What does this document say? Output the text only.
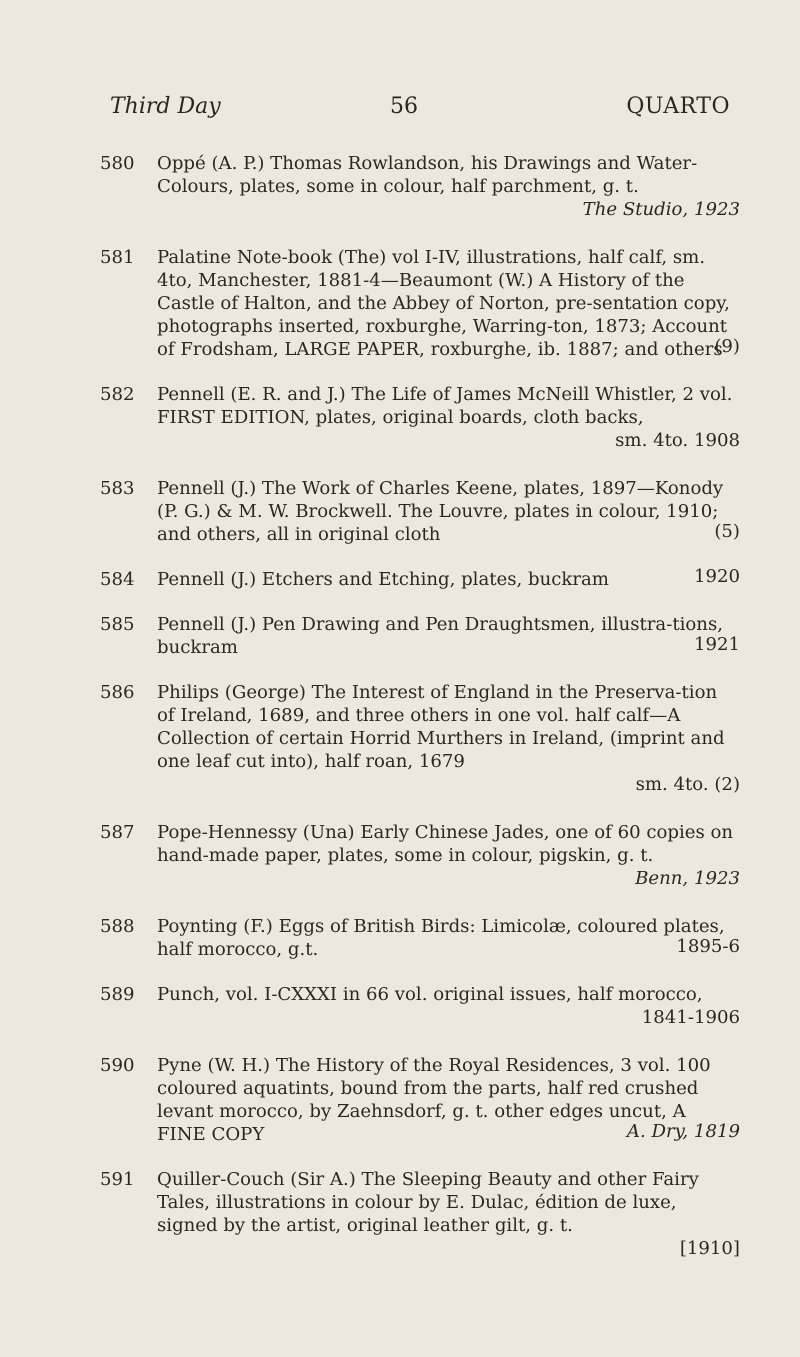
Third Day	56	QUARTO
580	Oppé (A. P.) Thomas Rowlandson, his Drawings and Water-Colours, plates, some in colour, half parchment, g. t.
The Studio, 1923
581	Palatine Note-book (The) vol I-IV, illustrations, half calf, sm. 4to, Manchester, 1881-4—Beaumont (W.) A History of the Castle of Halton, and the Abbey of Norton, pre-sentation copy, photographs inserted, roxburghe, Warring-ton, 1873; Account of Frodsham, LARGE PAPER, roxburghe, ib. 1887; and others
(9)
582	Pennell (E. R. and J.) The Life of James McNeill Whistler, 2 vol. FIRST EDITION, plates, original boards, cloth backs,
sm. 4to. 1908
583	Pennell (J.) The Work of Charles Keene, plates, 1897—Konody (P. G.) & M. W. Brockwell. The Louvre, plates in colour, 1910; and others, all in original cloth	(5)
584	Pennell (J.) Etchers and Etching, plates, buckram	1920
585	Pennell (J.) Pen Drawing and Pen Draughtsmen, illustra-tions, buckram	1921
586	Philips (George) The Interest of England in the Preserva-tion of Ireland, 1689, and three others in one vol. half calf—A Collection of certain Horrid Murthers in Ireland, (imprint and one leaf cut into), half roan, 1679
sm. 4to. (2)
587	Pope-Hennessy (Una) Early Chinese Jades, one of 60 copies on hand-made paper, plates, some in colour, pigskin, g. t.
Benn, 1923
588	Poynting (F.) Eggs of British Birds: Limicolæ, coloured plates, half morocco, g.t.	1895-6
589	Punch, vol. I-CXXXI in 66 vol. original issues, half morocco,
1841-1906
590	Pyne (W. H.) The History of the Royal Residences, 3 vol. 100 coloured aquatints, bound from the parts, half red crushed levant morocco, by Zaehnsdorf, g. t. other edges uncut, A FINE COPY	A. Dry, 1819
591	Quiller-Couch (Sir A.) The Sleeping Beauty and other Fairy Tales, illustrations in colour by E. Dulac, édition de luxe, signed by the artist, original leather gilt, g. t.
[1910]
